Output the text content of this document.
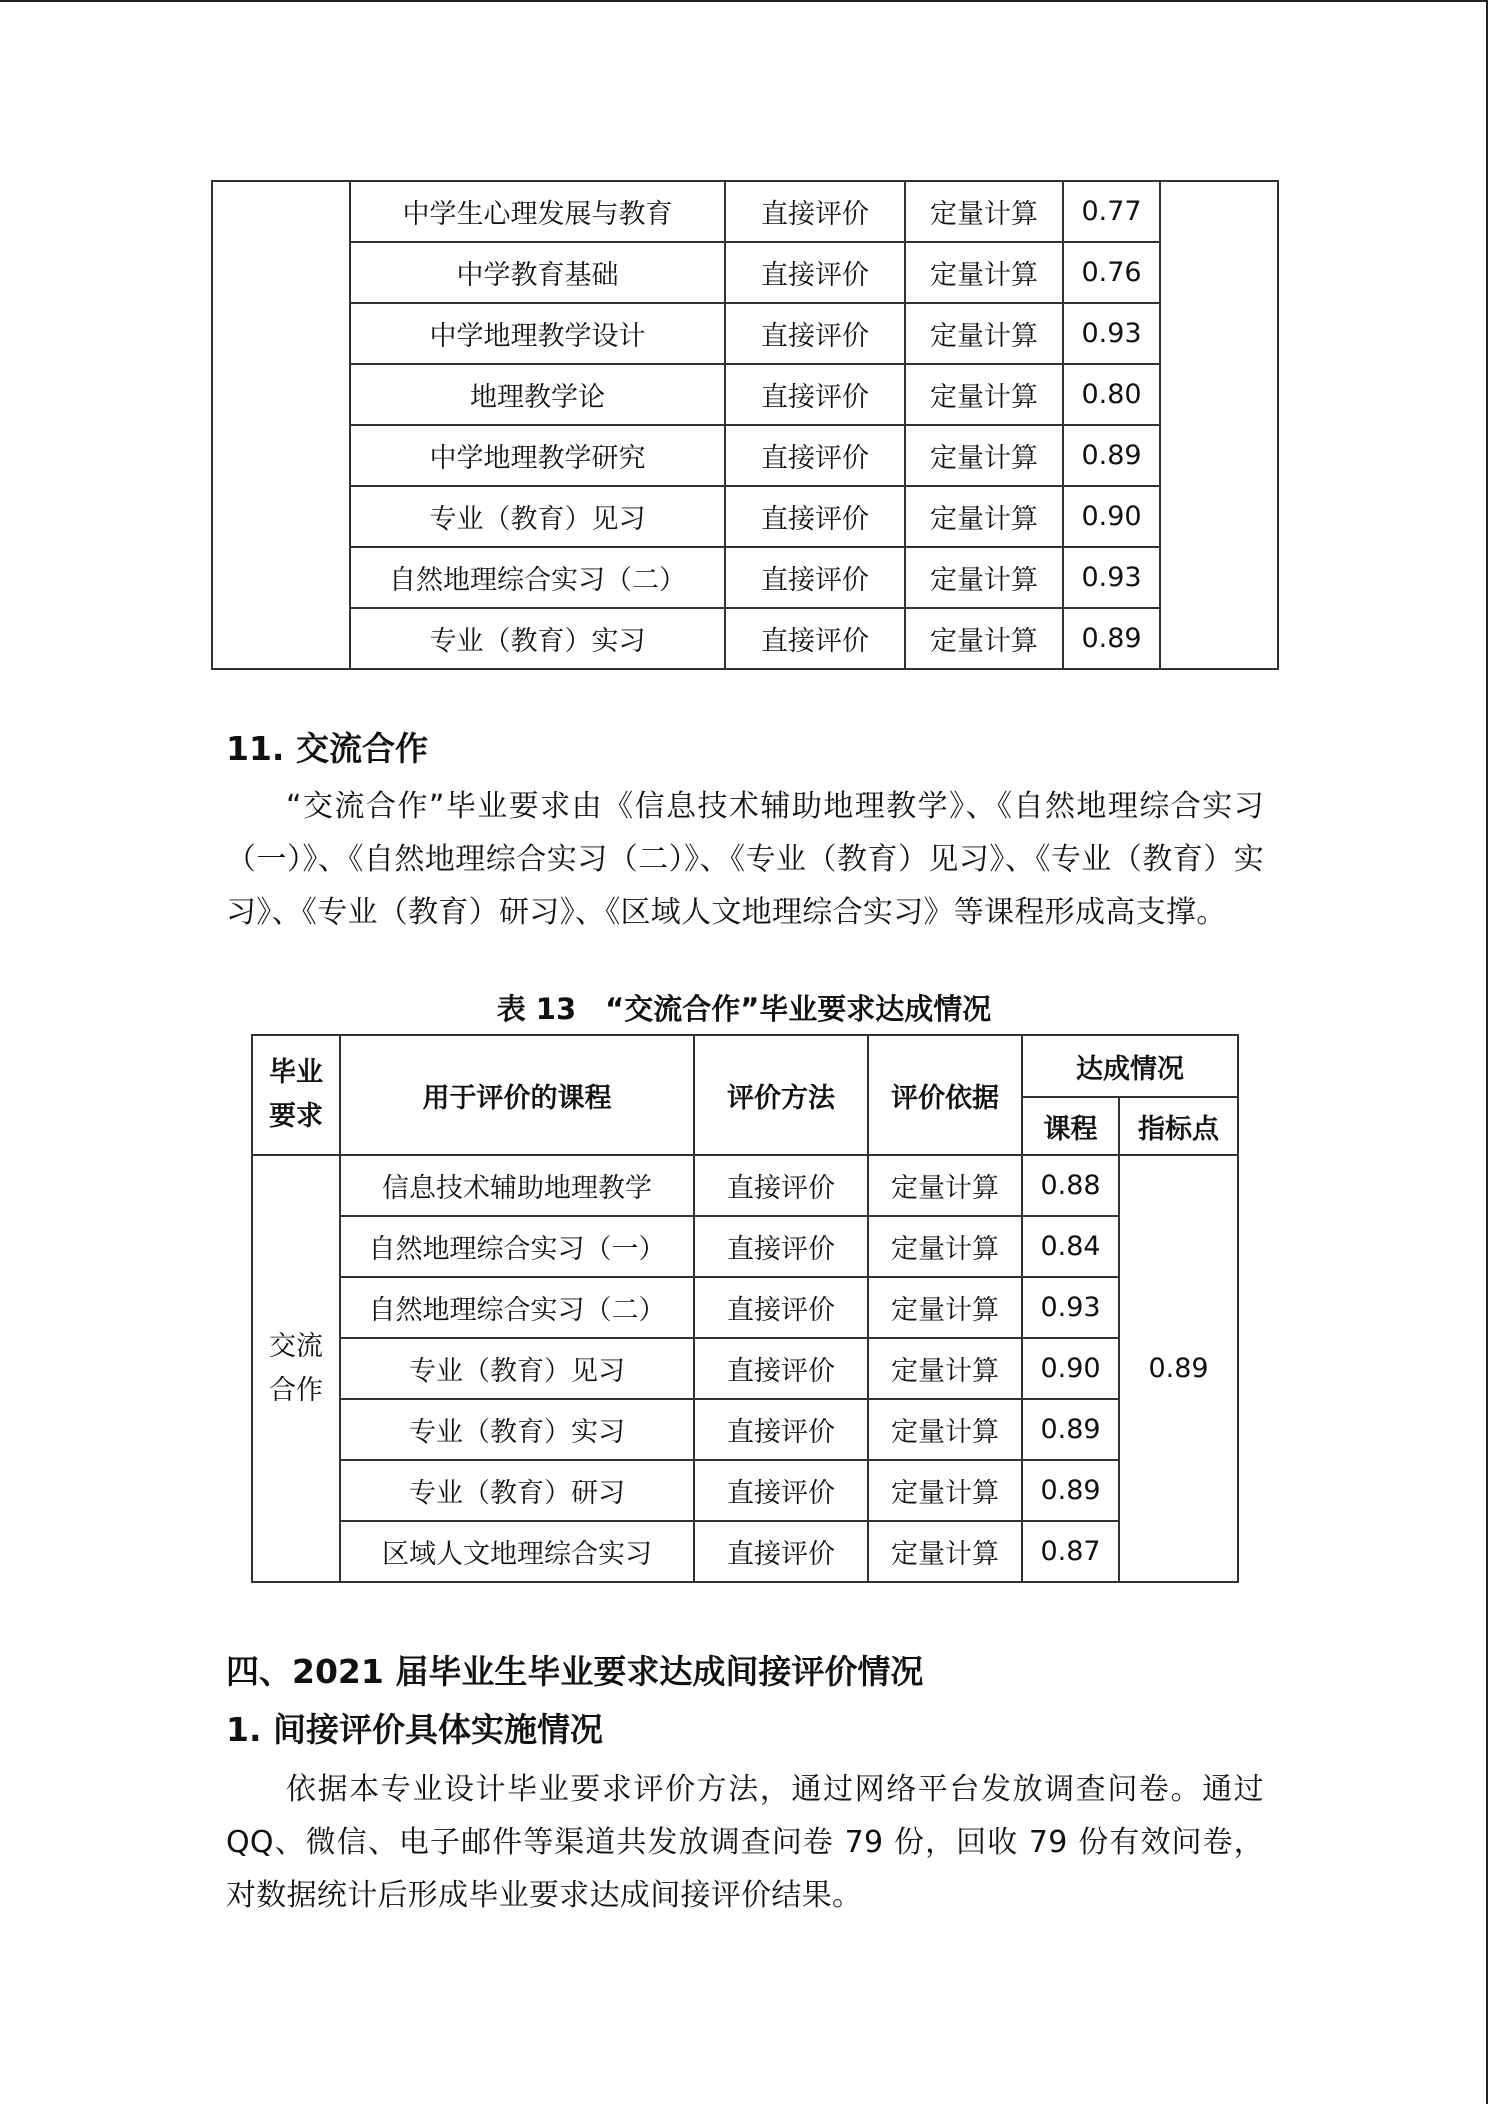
	中学生心理发展与教育	直接评价	定量计算	0.77	
	中学教育基础	直接评价	定量计算	0.76	
	中学地理教学设计	直接评价	定量计算	0.93	
	地理教学论	直接评价	定量计算	0.80	
	中学地理教学研究	直接评价	定量计算	0.89	
	专业（教育）见习	直接评价	定量计算	0.90	
	自然地理综合实习（二）	直接评价	定量计算	0.93	
	专业（教育）实习	直接评价	定量计算	0.89	

11. 交流合作

“交流合作”毕业要求由《信息技术辅助地理教学》、《自然地理综合实习（一）》、《自然地理综合实习（二）》、《专业（教育）见习》、《专业（教育）实习》、《专业（教育）研习》、《区域人文地理综合实习》等课程形成高支撑。

表 13　“交流合作”毕业要求达成情况

毕业要求	用于评价的课程	评价方法	评价依据	达成情况	
				课程	指标点

交流合作	信息技术辅助地理教学	直接评价	定量计算	0.88	0.89
	自然地理综合实习（一）	直接评价	定量计算	0.84	
	自然地理综合实习（二）	直接评价	定量计算	0.93	
	专业（教育）见习	直接评价	定量计算	0.90	
	专业（教育）实习	直接评价	定量计算	0.89	
	专业（教育）研习	直接评价	定量计算	0.89	
	区域人文地理综合实习	直接评价	定量计算	0.87	

四、2021 届毕业生毕业要求达成间接评价情况

1. 间接评价具体实施情况

依据本专业设计毕业要求评价方法，通过网络平台发放调查问卷。通过 QQ、微信、电子邮件等渠道共发放调查问卷 79 份，回收 79 份有效问卷，对数据统计后形成毕业要求达成间接评价结果。
